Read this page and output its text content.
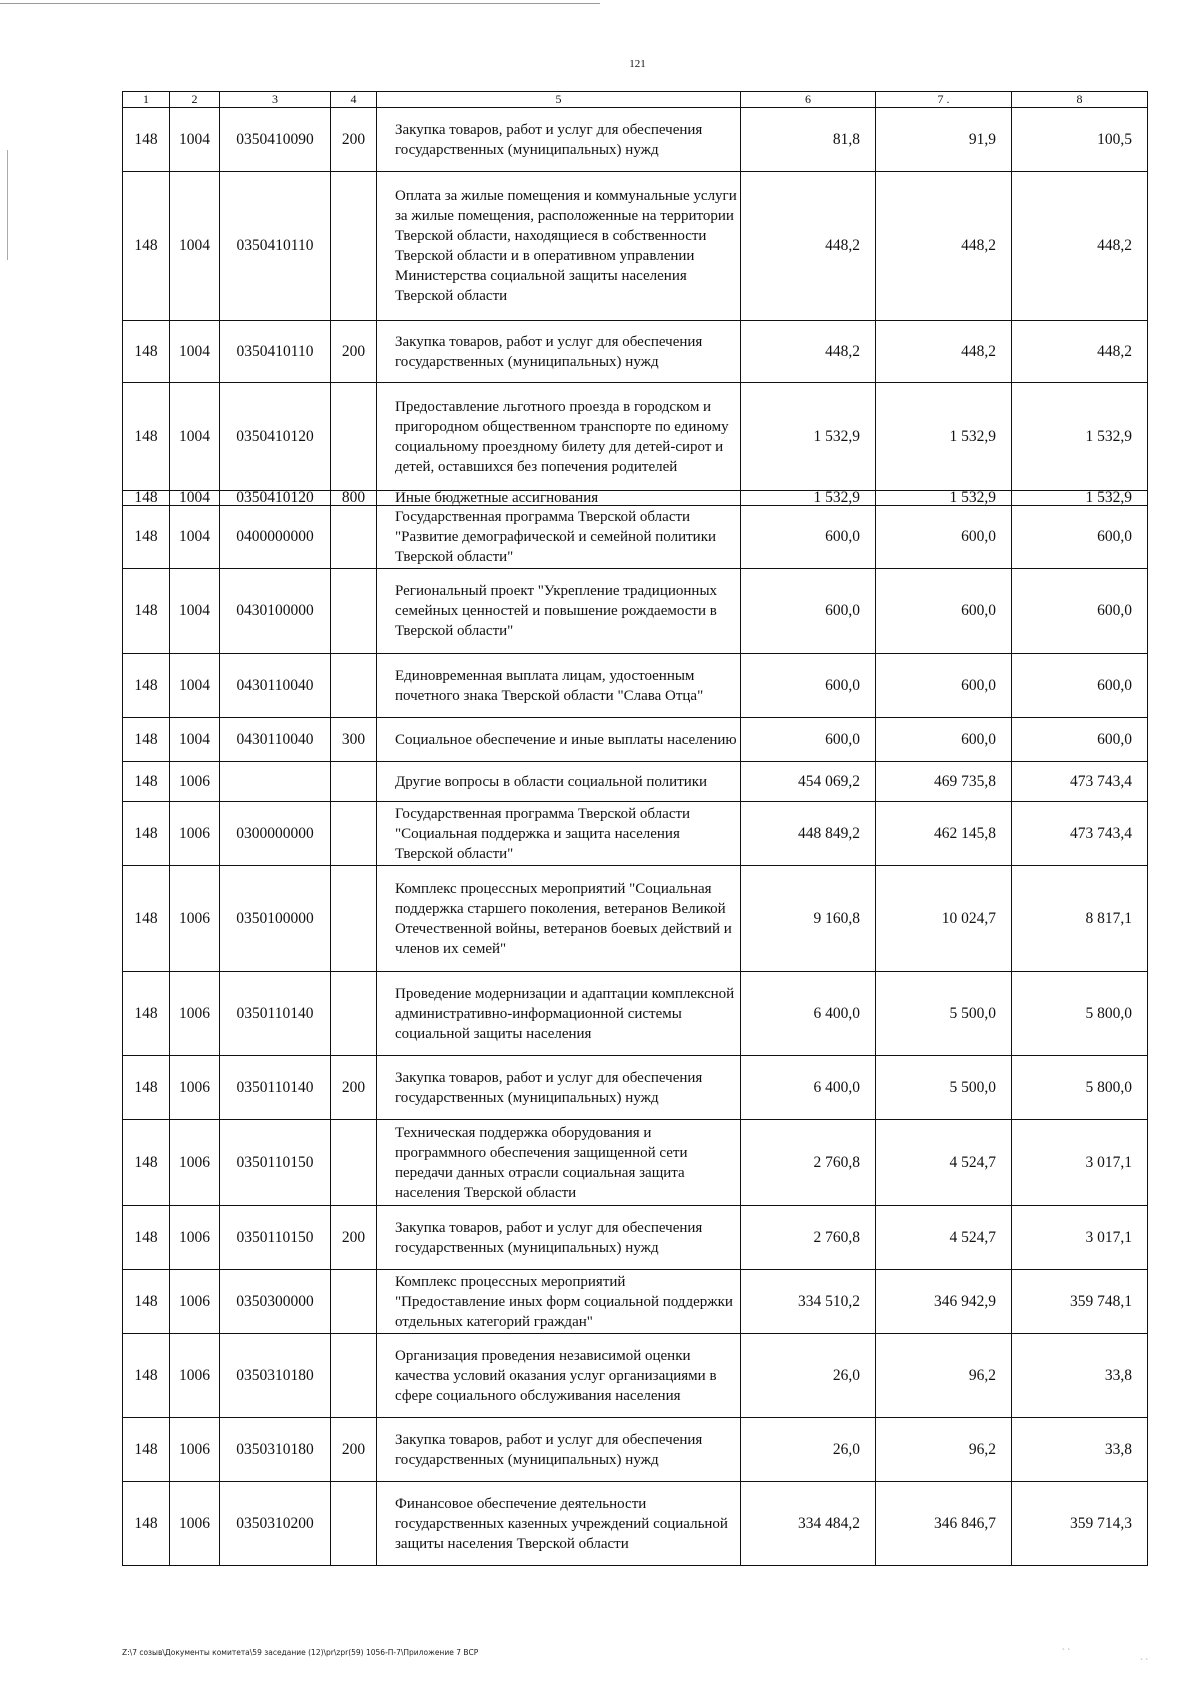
121
1	2	3	4	5	6	7 .	8
148	1004	0350410090	200	Закупка товаров, работ и услуг для обеспечения государственных (муниципальных) нужд	81,8	91,9	100,5
148	1004	0350410110		Оплата за жилые помещения и коммунальные услуги за жилые помещения, расположенные на территории Тверской области, находящиеся в собственности Тверской области и в оперативном управлении Министерства социальной защиты населения Тверской области	448,2	448,2	448,2
148	1004	0350410110	200	Закупка товаров, работ и услуг для обеспечения государственных (муниципальных) нужд	448,2	448,2	448,2
148	1004	0350410120		Предоставление льготного проезда в городском и пригородном общественном транспорте по единому социальному проездному билету для детей-сирот и детей, оставшихся без попечения родителей	1 532,9	1 532,9	1 532,9
148	1004	0350410120	800	Иные бюджетные ассигнования	1 532,9	1 532,9	1 532,9
148	1004	0400000000		Государственная программа Тверской области "Развитие демографической и семейной политики Тверской области"	600,0	600,0	600,0
148	1004	0430100000		Региональный проект "Укрепление традиционных семейных ценностей и повышение рождаемости в Тверской области"	600,0	600,0	600,0
148	1004	0430110040		Единовременная выплата лицам, удостоенным почетного знака Тверской области "Слава Отца"	600,0	600,0	600,0
148	1004	0430110040	300	Социальное обеспечение и иные выплаты населению	600,0	600,0	600,0
148	1006			Другие вопросы в области социальной политики	454 069,2	469 735,8	473 743,4
148	1006	0300000000		Государственная программа Тверской области "Социальная поддержка и защита населения Тверской области"	448 849,2	462 145,8	473 743,4
148	1006	0350100000		Комплекс процессных мероприятий "Социальная поддержка старшего поколения, ветеранов Великой Отечественной войны, ветеранов боевых действий и членов их семей"	9 160,8	10 024,7	8 817,1
148	1006	0350110140		Проведение модернизации и адаптации комплексной административно-информационной системы социальной защиты населения	6 400,0	5 500,0	5 800,0
148	1006	0350110140	200	Закупка товаров, работ и услуг для обеспечения государственных (муниципальных) нужд	6 400,0	5 500,0	5 800,0
148	1006	0350110150		Техническая поддержка оборудования и программного обеспечения защищенной сети передачи данных отрасли социальная защита населения Тверской области	2 760,8	4 524,7	3 017,1
148	1006	0350110150	200	Закупка товаров, работ и услуг для обеспечения государственных (муниципальных) нужд	2 760,8	4 524,7	3 017,1
148	1006	0350300000		Комплекс процессных мероприятий "Предоставление иных форм социальной поддержки отдельных категорий граждан"	334 510,2	346 942,9	359 748,1
148	1006	0350310180		Организация проведения независимой оценки качества условий оказания услуг организациями в сфере социального обслуживания населения	26,0	96,2	33,8
148	1006	0350310180	200	Закупка товаров, работ и услуг для обеспечения государственных (муниципальных) нужд	26,0	96,2	33,8
148	1006	0350310200		Финансовое обеспечение деятельности государственных казенных учреждений социальной защиты населения Тверской области	334 484,2	346 846,7	359 714,3
Z:\7 созыв\Документы комитета\59 заседание (12)\pr\zpr(59) 1056-П-7\Приложение 7 ВСР
ˎ ˏ
ˎ ˎ
